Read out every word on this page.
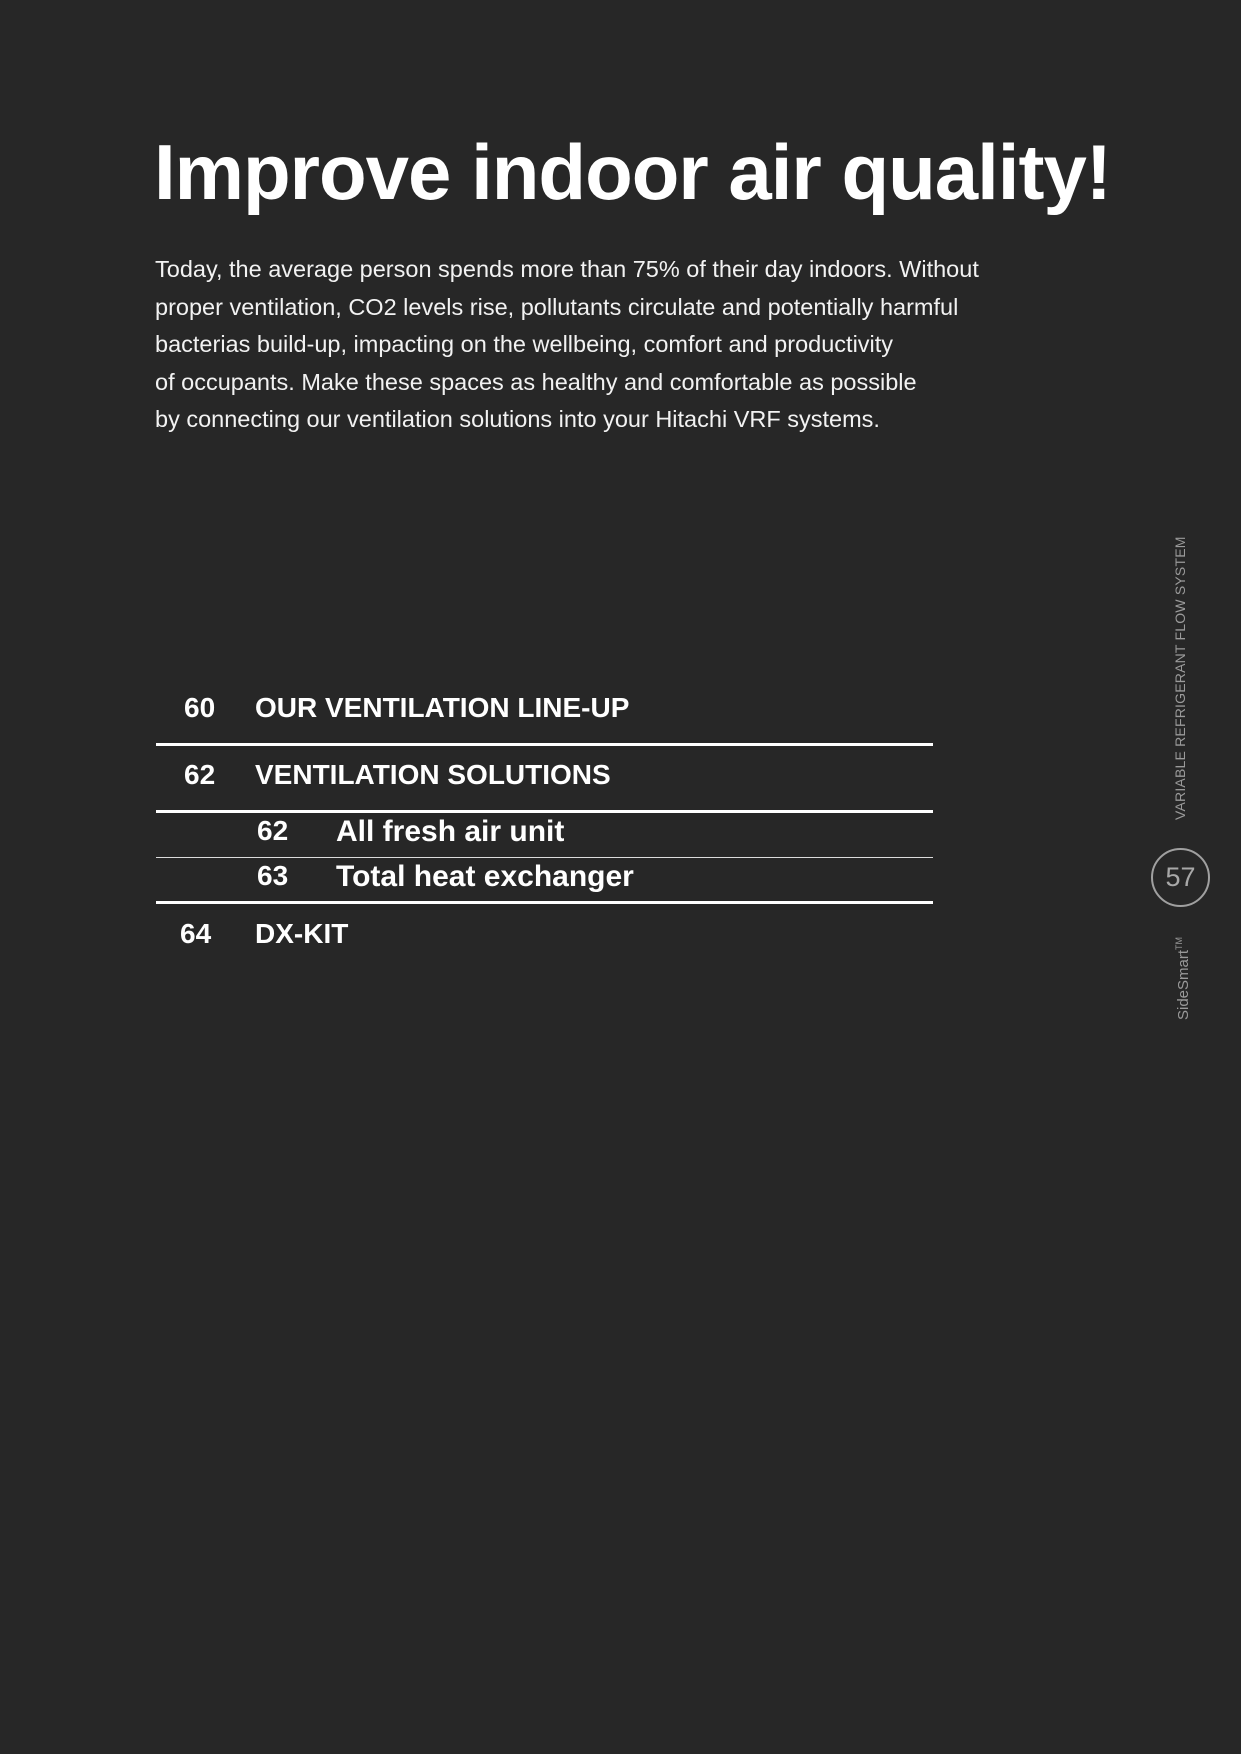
Improve indoor air quality!
Today, the average person spends more than 75% of their day indoors. Without
proper ventilation, CO2 levels rise, pollutants circulate and potentially harmful
bacterias build-up, impacting on the wellbeing, comfort and productivity
of occupants. Make these spaces as healthy and comfortable as possible
by connecting our ventilation solutions into your Hitachi VRF systems.
60 OUR VENTILATION LINE-UP
62 VENTILATION SOLUTIONS
62 All fresh air unit
63 Total heat exchanger
64 DX-KIT
VARIABLE REFRIGERANT FLOW SYSTEM
57
SideSmart™
